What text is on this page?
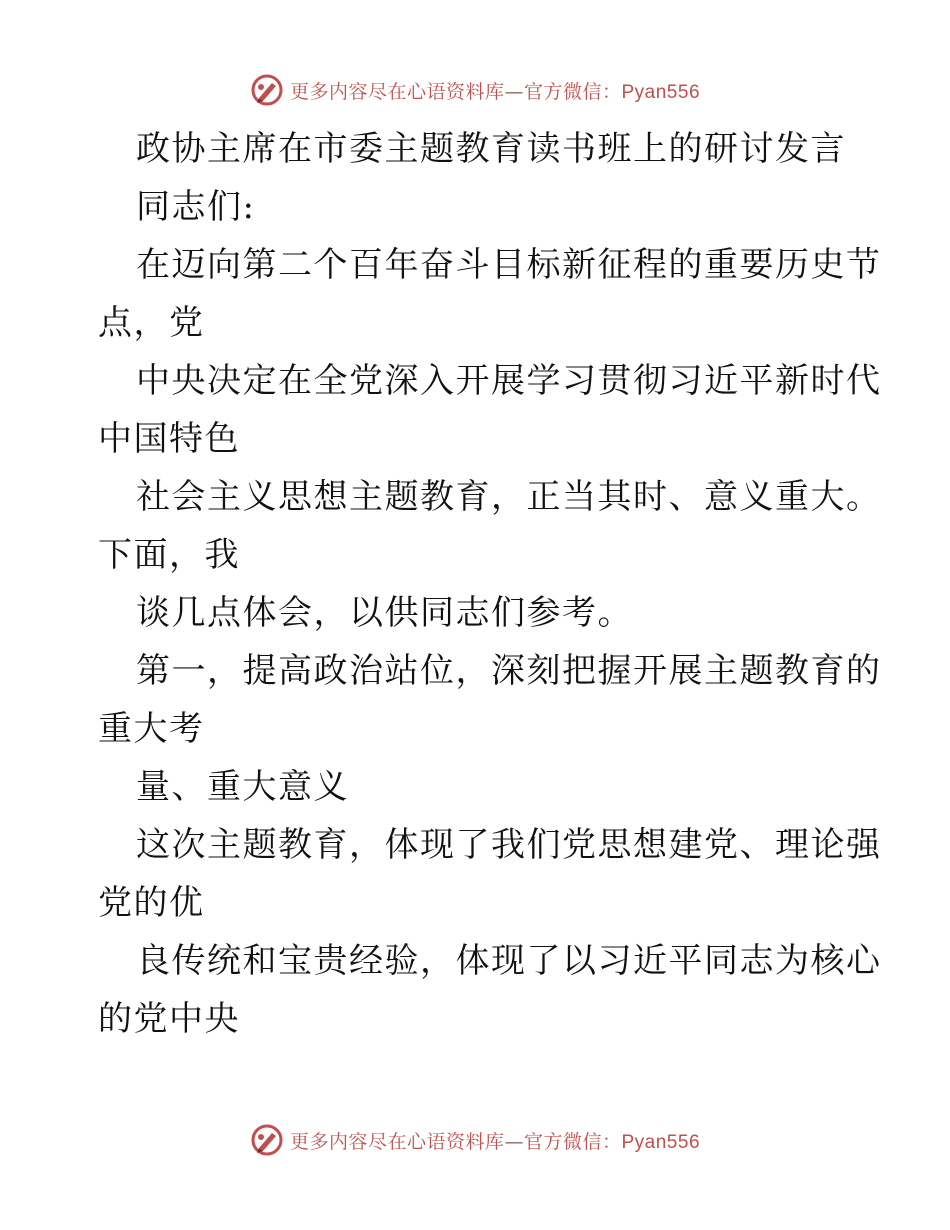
更多内容尽在心语资料库—官方微信：Pyan556
政协主席在市委主题教育读书班上的研讨发言
同志们:
在迈向第二个百年奋斗目标新征程的重要历史节
点，党
中央决定在全党深入开展学习贯彻习近平新时代
中国特色
社会主义思想主题教育，正当其时、意义重大。
下面，我
谈几点体会，以供同志们参考。
第一，提高政治站位，深刻把握开展主题教育的
重大考
量、重大意义
这次主题教育，体现了我们党思想建党、理论强
党的优
良传统和宝贵经验，体现了以习近平同志为核心
的党中央
更多内容尽在心语资料库—官方微信：Pyan556
